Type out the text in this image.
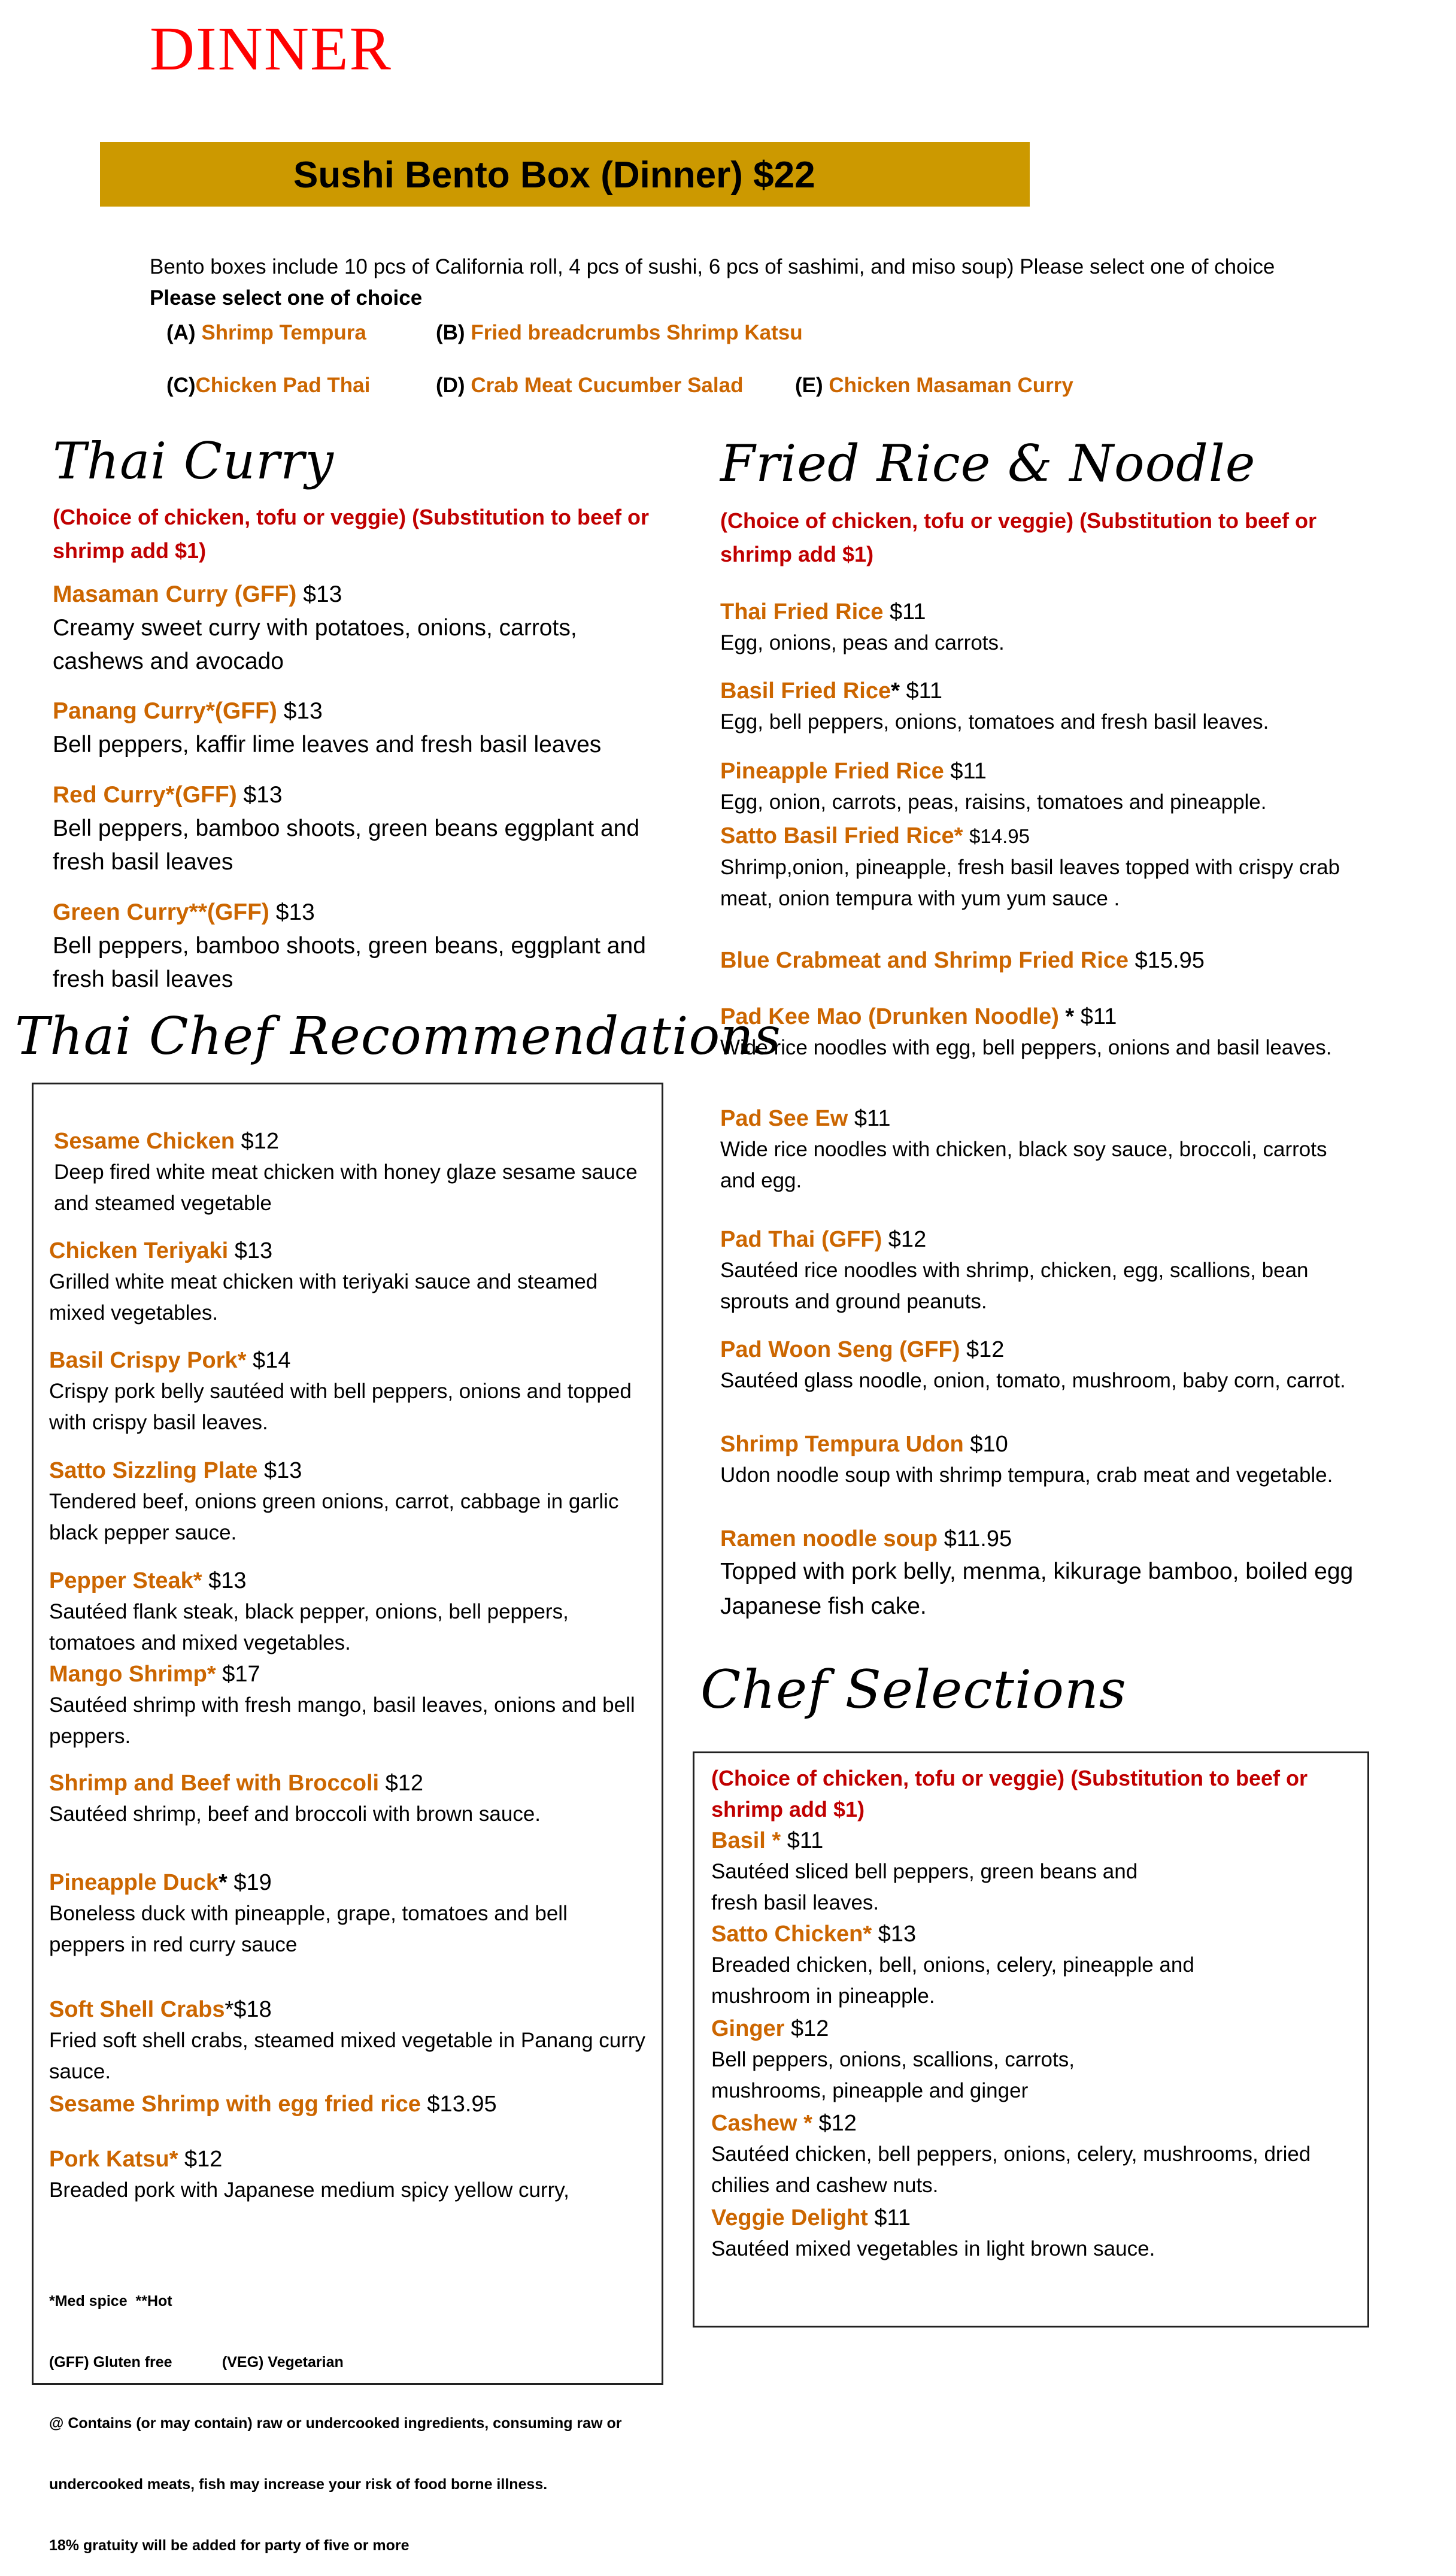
DINNER
Sushi Bento Box (Dinner) $22
Bento boxes include 10 pcs of California roll, 4 pcs of sushi, 6 pcs of sashimi, and miso soup) Please select one of choice
Please select one of choice
(A) Shrimp Tempura	(B) Fried breadcrumbs Shrimp Katsu
(C)Chicken Pad Thai	(D) Crab Meat Cucumber Salad (E) Chicken Masaman Curry
Thai Curry
(Choice of chicken, tofu or veggie) (Substitution to beef or shrimp add $1)
Masaman Curry (GFF) $13
Creamy sweet curry with potatoes, onions, carrots, cashews and avocado
Panang Curry*(GFF) $13
Bell peppers, kaffir lime leaves and fresh basil leaves
Red Curry*(GFF) $13
Bell peppers, bamboo shoots, green beans eggplant and fresh basil leaves
Green Curry**(GFF) $13
Bell peppers, bamboo shoots, green beans, eggplant and fresh basil leaves
Thai Chef Recommendations
Sesame Chicken $12
Deep fired white meat chicken with honey glaze sesame sauce and steamed vegetable
Chicken Teriyaki $13
Grilled white meat chicken with teriyaki sauce and steamed mixed vegetables.
Basil Crispy Pork* $14
Crispy pork belly sautéed with bell peppers, onions and topped with crispy basil leaves.
Satto Sizzling Plate $13
Tendered beef, onions green onions, carrot, cabbage in garlic black pepper sauce.
Pepper Steak* $13
Sautéed flank steak, black pepper, onions, bell peppers, tomatoes and mixed vegetables.
Mango Shrimp* $17
Sautéed shrimp with fresh mango, basil leaves, onions and bell peppers.
Shrimp and Beef with Broccoli $12
Sautéed shrimp, beef and broccoli with brown sauce.
Pineapple Duck* $19
Boneless duck with pineapple, grape, tomatoes and bell peppers in red curry sauce
Soft Shell Crabs*$18
Fried soft shell crabs, steamed mixed vegetable in Panang curry sauce.
Sesame Shrimp with egg fried rice $13.95
Pork Katsu* $12
Breaded pork with Japanese medium spicy yellow curry,

*Med spice  **Hot

(GFF) Gluten free            (VEG) Vegetarian

@ Contains (or may contain) raw or undercooked ingredients, consuming raw or

undercooked meats, fish may increase your risk of food borne illness.

18% gratuity will be added for party of five or more

Fried Rice & Noodle
(Choice of chicken, tofu or veggie) (Substitution to beef or shrimp add $1)
Thai Fried Rice $11
Egg, onions, peas and carrots.
Basil Fried Rice* $11
Egg, bell peppers, onions, tomatoes and fresh basil leaves.
Pineapple Fried Rice $11
Egg, onion, carrots, peas, raisins, tomatoes and pineapple.
Satto Basil Fried Rice* $14.95
Shrimp,onion, pineapple, fresh basil leaves topped with crispy crab meat, onion tempura with yum yum sauce .
Blue Crabmeat and Shrimp Fried Rice $15.95
Pad Kee Mao (Drunken Noodle) * $11
Wide rice noodles with egg, bell peppers, onions and basil leaves.
Pad See Ew $11
Wide rice noodles with chicken, black soy sauce, broccoli, carrots and egg.
Pad Thai (GFF) $12
Sautéed rice noodles with shrimp, chicken, egg, scallions, bean sprouts and ground peanuts.
Pad Woon Seng (GFF) $12
Sautéed glass noodle, onion, tomato, mushroom, baby corn, carrot.
Shrimp Tempura Udon $10
Udon noodle soup with shrimp tempura, crab meat and vegetable.
Ramen noodle soup $11.95
Topped with pork belly, menma, kikurage bamboo, boiled egg Japanese fish cake.
Chef Selections
(Choice of chicken, tofu or veggie) (Substitution to beef or shrimp add $1)
Basil * $11
Sautéed sliced bell peppers, green beans and fresh basil leaves.
Satto Chicken* $13
Breaded chicken, bell, onions, celery, pineapple and mushroom in pineapple.
Ginger $12
Bell peppers, onions, scallions, carrots, mushrooms, pineapple and ginger
Cashew * $12
Sautéed chicken, bell peppers, onions, celery, mushrooms, dried chilies and cashew nuts.
Veggie Delight $11
Sautéed mixed vegetables in light brown sauce.
